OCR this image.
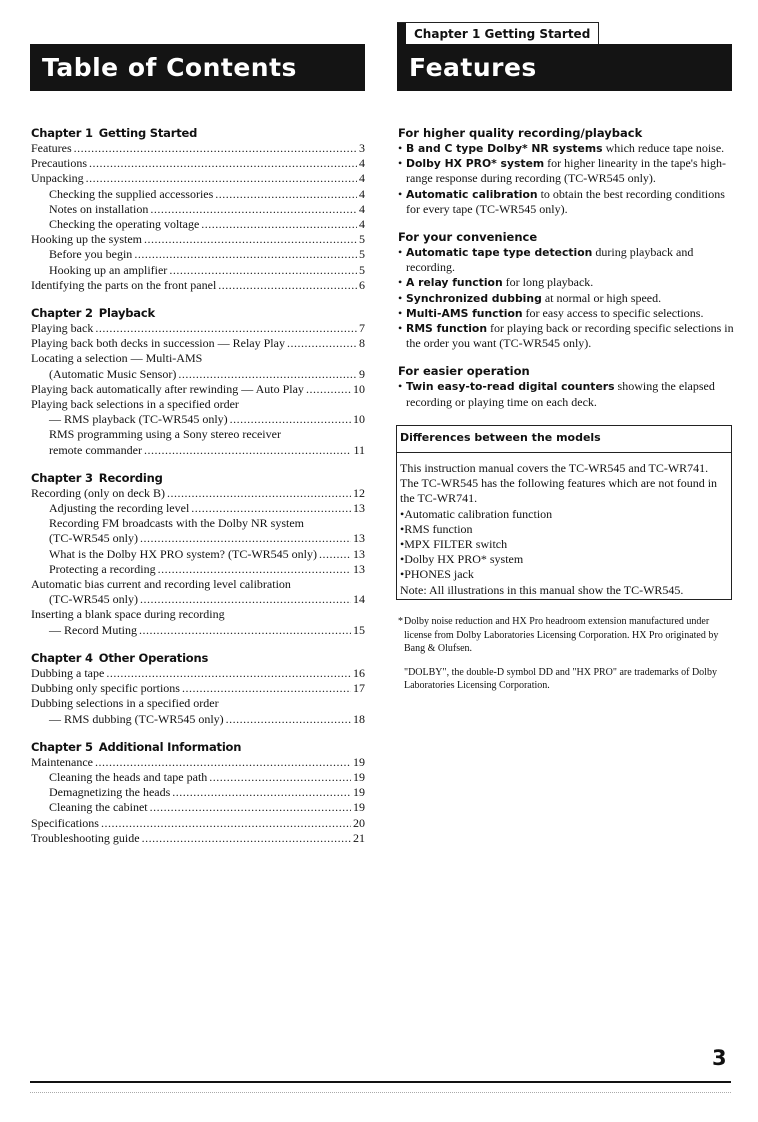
Table of Contents
Chapter 1 Getting Started
Features
Chapter 1 Getting Started
Features .....	3
Precautions .....	4
Unpacking .....	4
Checking the supplied accessories .....	4
Notes on installation .....	4
Checking the operating voltage .....	4
Hooking up the system .....	5
Before you begin .....	5
Hooking up an amplifier .....	5
Identifying the parts on the front panel .....	6
Chapter 2 Playback
Playing back .....	7
Playing back both decks in succession — Relay Play .....	8
Locating a selection — Multi-AMS
(Automatic Music Sensor) .....	9
Playing back automatically after rewinding — Auto Play .....	10
Playing back selections in a specified order
— RMS playback (TC-WR545 only) .....	10
RMS programming using a Sony stereo receiver
remote commander .....	11
Chapter 3 Recording
Recording (only on deck B) .....	12
Adjusting the recording level .....	13
Recording FM broadcasts with the Dolby NR system
(TC-WR545 only) .....	13
What is the Dolby HX PRO system? (TC-WR545 only) .....	13
Protecting a recording .....	13
Automatic bias current and recording level calibration
(TC-WR545 only) .....	14
Inserting a blank space during recording
— Record Muting .....	15
Chapter 4 Other Operations
Dubbing a tape .....	16
Dubbing only specific portions .....	17
Dubbing selections in a specified order
— RMS dubbing (TC-WR545 only) .....	18
Chapter 5 Additional Information
Maintenance .....	19
Cleaning the heads and tape path .....	19
Demagnetizing the heads .....	19
Cleaning the cabinet .....	19
Specifications .....	20
Troubleshooting guide .....	21

For higher quality recording/playback

• B and C type Dolby* NR systems which reduce tape noise.
• Dolby HX PRO* system for higher linearity in the tape's high-range response during recording (TC-WR545 only).
• Automatic calibration to obtain the best recording conditions for every tape (TC-WR545 only).

For your convenience

• Automatic tape type detection during playback and recording.
• A relay function for long playback.
• Synchronized dubbing at normal or high speed.
• Multi-AMS function for easy access to specific selections.
• RMS function for playing back or recording specific selections in the order you want (TC-WR545 only).

For easier operation

• Twin easy-to-read digital counters showing the elapsed recording or playing time on each deck.

Differences between the models

This instruction manual covers the TC-WR545 and TC-WR741. The TC-WR545 has the following features which are not found in the TC-WR741.

•Automatic calibration function
•RMS function
•MPX FILTER switch
•Dolby HX PRO* system
•PHONES jack
Note: All illustrations in this manual show the TC-WR545.

*Dolby noise reduction and HX Pro headroom extension manufactured under license from Dolby Laboratories Licensing Corporation. HX Pro originated by Bang & Olufsen.

"DOLBY", the double-D symbol DD and "HX PRO" are trademarks of Dolby Laboratories Licensing Corporation.

3
